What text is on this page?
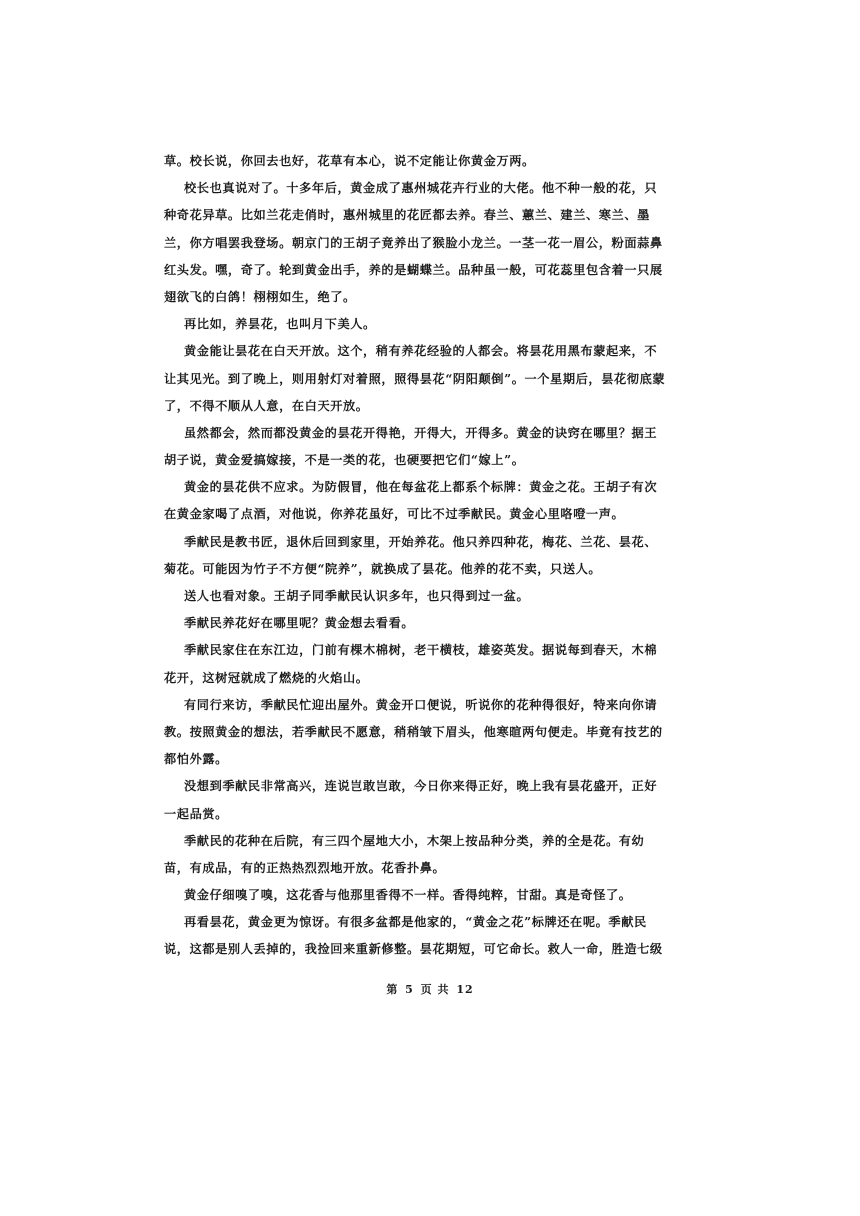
草。校长说，你回去也好，花草有本心，说不定能让你黄金万两。
校长也真说对了。十多年后，黄金成了惠州城花卉行业的大佬。他不种一般的花，只
种奇花异草。比如兰花走俏时，惠州城里的花匠都去养。春兰、蕙兰、建兰、寒兰、墨
兰，你方唱罢我登场。朝京门的王胡子竟养出了猴脸小龙兰。一茎一花一眉公，粉面蒜鼻
红头发。嘿，奇了。轮到黄金出手，养的是蝴蝶兰。品种虽一般，可花蕊里包含着一只展
翅欲飞的白鸽！栩栩如生，绝了。
再比如，养昙花，也叫月下美人。
黄金能让昙花在白天开放。这个，稍有养花经验的人都会。将昙花用黑布蒙起来，不
让其见光。到了晚上，则用射灯对着照，照得昙花“阴阳颠倒”。一个星期后，昙花彻底蒙
了，不得不顺从人意，在白天开放。
虽然都会，然而都没黄金的昙花开得艳，开得大，开得多。黄金的诀窍在哪里？据王
胡子说，黄金爱搞嫁接，不是一类的花，也硬要把它们“嫁上”。
黄金的昙花供不应求。为防假冒，他在每盆花上都系个标牌：黄金之花。王胡子有次
在黄金家喝了点酒，对他说，你养花虽好，可比不过季献民。黄金心里咯噔一声。
季献民是教书匠，退休后回到家里，开始养花。他只养四种花，梅花、兰花、昙花、
菊花。可能因为竹子不方便“院养”，就换成了昙花。他养的花不卖，只送人。
送人也看对象。王胡子同季献民认识多年，也只得到过一盆。
季献民养花好在哪里呢？黄金想去看看。
季献民家住在东江边，门前有棵木棉树，老干横枝，雄姿英发。据说每到春天，木棉
花开，这树冠就成了燃烧的火焰山。
有同行来访，季献民忙迎出屋外。黄金开口便说，听说你的花种得很好，特来向你请
教。按照黄金的想法，若季献民不愿意，稍稍皱下眉头，他寒暄两句便走。毕竟有技艺的
都怕外露。
没想到季献民非常高兴，连说岂敢岂敢，今日你来得正好，晚上我有昙花盛开，正好
一起品赏。
季献民的花种在后院，有三四个屋地大小，木架上按品种分类，养的全是花。有幼
苗，有成品，有的正热热烈烈地开放。花香扑鼻。
黄金仔细嗅了嗅，这花香与他那里香得不一样。香得纯粹，甘甜。真是奇怪了。
再看昙花，黄金更为惊讶。有很多盆都是他家的，“黄金之花”标牌还在呢。季献民
说，这都是别人丢掉的，我捡回来重新修整。昙花期短，可它命长。救人一命，胜造七级
第 5 页 共 12
